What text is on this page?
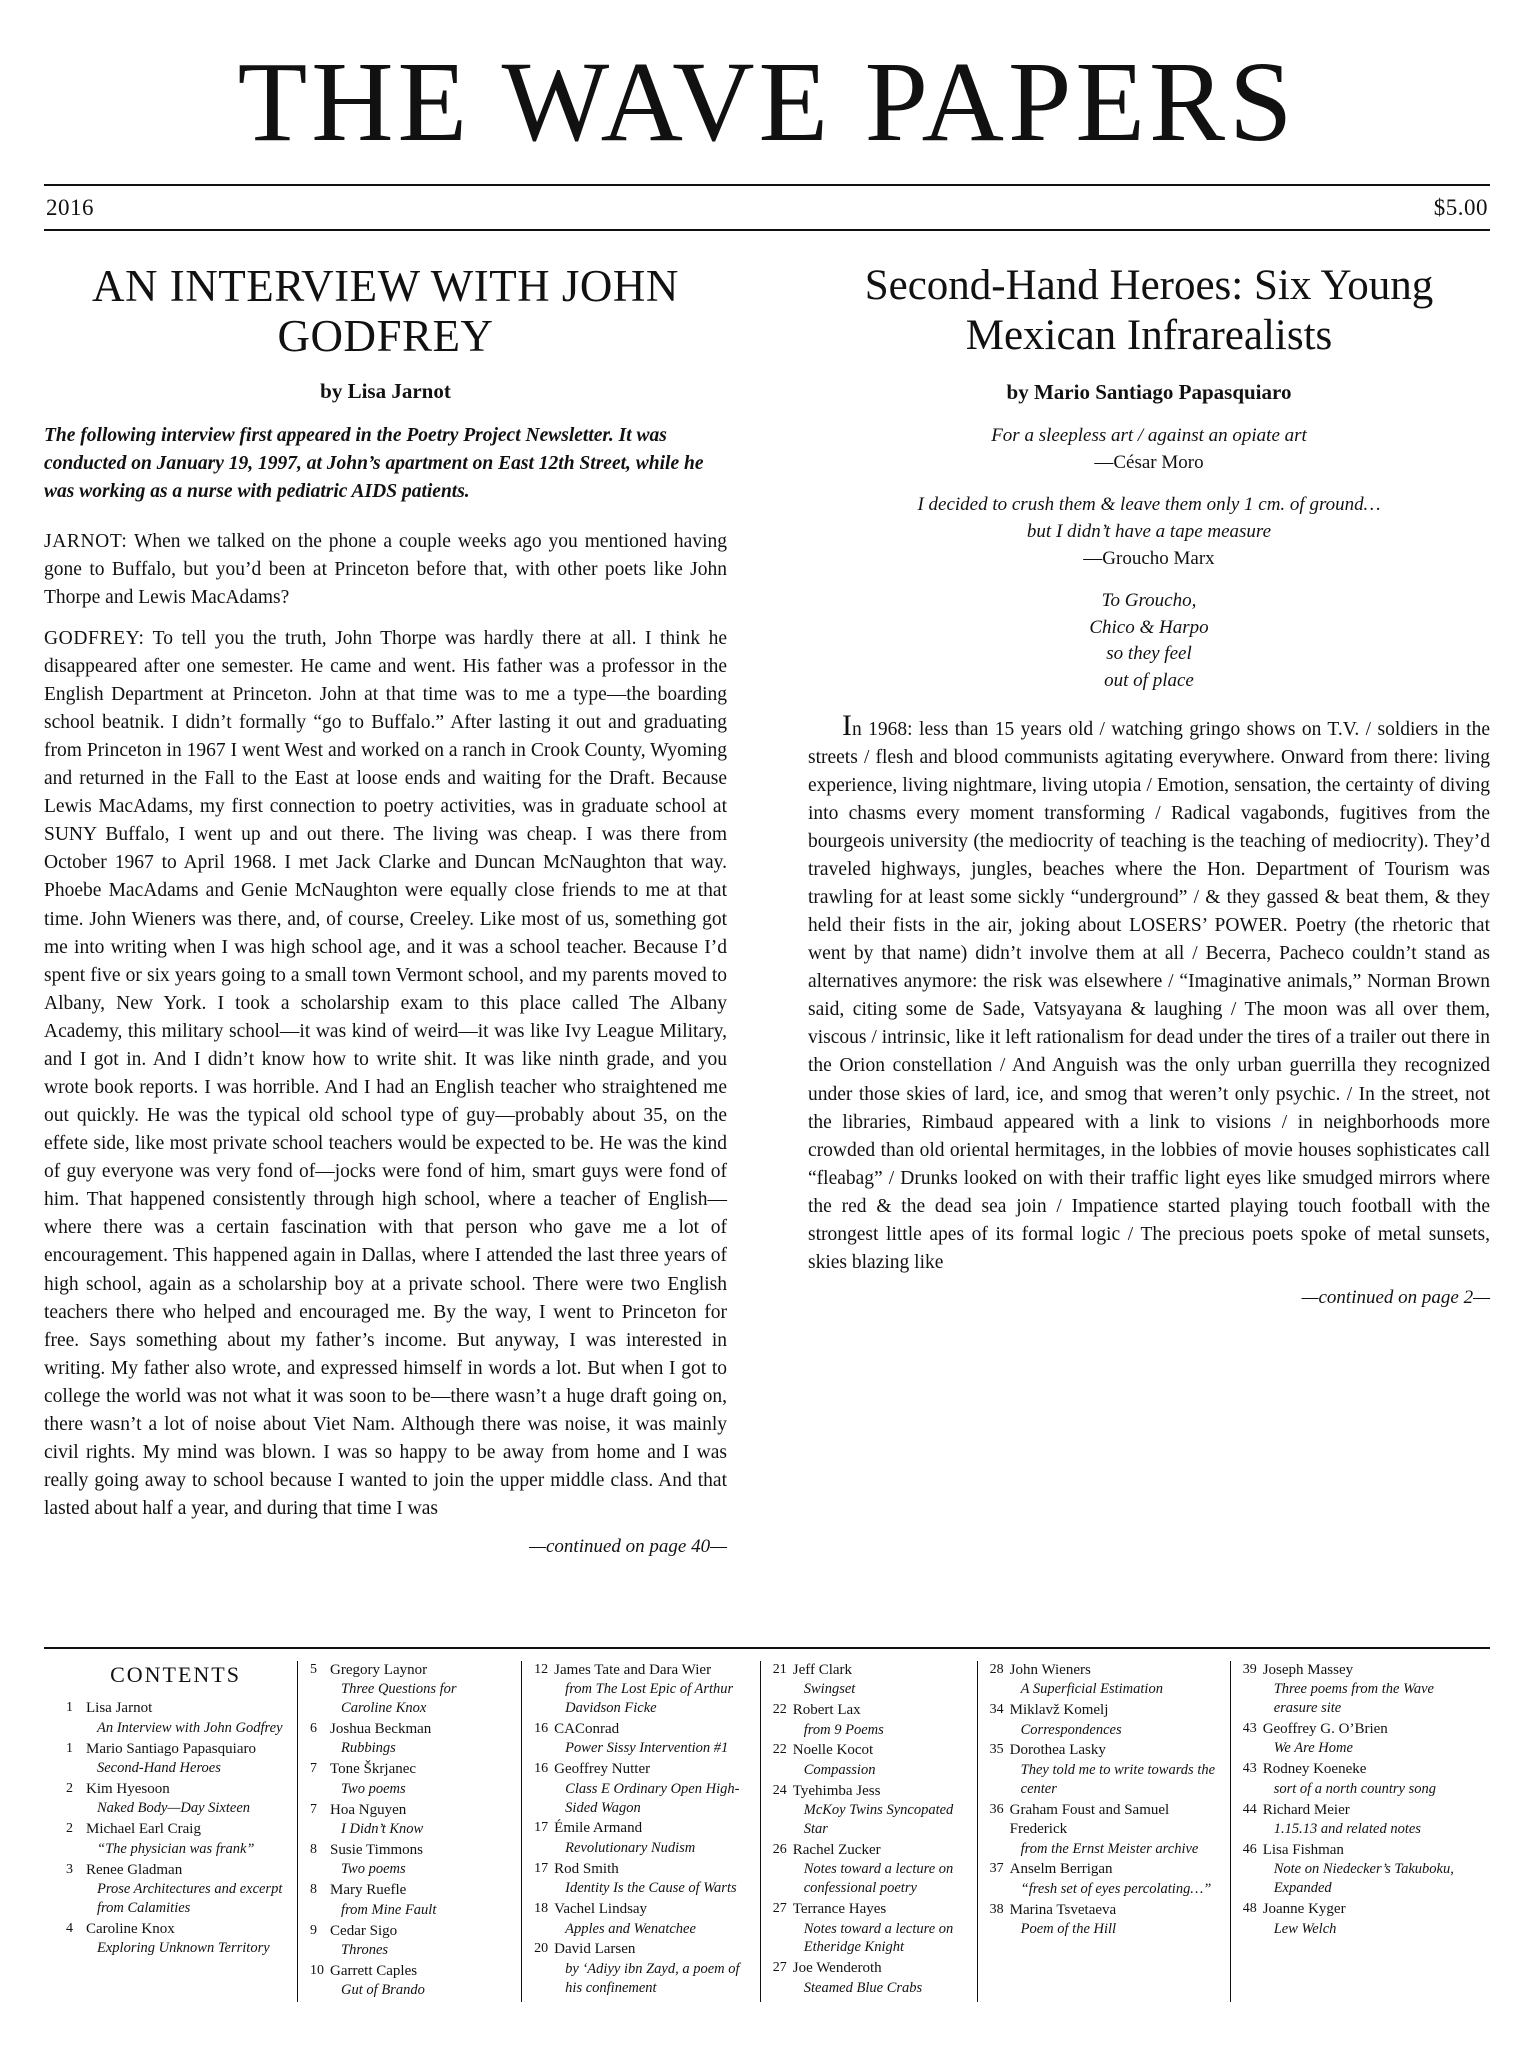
THE WAVE PAPERS
2016	$5.00
AN INTERVIEW WITH JOHN GODFREY
by Lisa Jarnot
The following interview first appeared in the Poetry Project Newsletter. It was conducted on January 19, 1997, at John’s apartment on East 12th Street, while he was working as a nurse with pediatric AIDS patients.

JARNOT: When we talked on the phone a couple weeks ago you mentioned having gone to Buffalo, but you’d been at Princeton before that, with other poets like John Thorpe and Lewis MacAdams?

GODFREY: To tell you the truth, John Thorpe was hardly there at all. I think he disappeared after one semester. He came and went. His father was a professor in the English Department at Princeton. John at that time was to me a type—the boarding school beatnik. I didn’t formally “go to Buffalo.” After lasting it out and graduating from Princeton in 1967 I went West and worked on a ranch in Crook County, Wyoming and returned in the Fall to the East at loose ends and waiting for the Draft. Because Lewis MacAdams, my first connection to poetry activities, was in graduate school at SUNY Buffalo, I went up and out there. The living was cheap. I was there from October 1967 to April 1968. I met Jack Clarke and Duncan McNaughton that way. Phoebe MacAdams and Genie McNaughton were equally close friends to me at that time. John Wieners was there, and, of course, Creeley. Like most of us, something got me into writing when I was high school age, and it was a school teacher. Because I’d spent five or six years going to a small town Vermont school, and my parents moved to Albany, New York. I took a scholarship exam to this place called The Albany Academy, this military school—it was kind of weird—it was like Ivy League Military, and I got in. And I didn’t know how to write shit. It was like ninth grade, and you wrote book reports. I was horrible. And I had an English teacher who straightened me out quickly. He was the typical old school type of guy—probably about 35, on the effete side, like most private school teachers would be expected to be. He was the kind of guy everyone was very fond of—jocks were fond of him, smart guys were fond of him. That happened consistently through high school, where a teacher of English—where there was a certain fascination with that person who gave me a lot of encouragement. This happened again in Dallas, where I attended the last three years of high school, again as a scholarship boy at a private school. There were two English teachers there who helped and encouraged me. By the way, I went to Princeton for free. Says something about my father’s income. But anyway, I was interested in writing. My father also wrote, and expressed himself in words a lot. But when I got to college the world was not what it was soon to be—there wasn’t a huge draft going on, there wasn’t a lot of noise about Viet Nam. Although there was noise, it was mainly civil rights. My mind was blown. I was so happy to be away from home and I was really going away to school because I wanted to join the upper middle class. And that lasted about half a year, and during that time I was

—continued on page 40—
Second-Hand Heroes: Six Young Mexican Infrarealists
by Mario Santiago Papasquiaro
For a sleepless art / against an opiate art
—César Moro
I decided to crush them & leave them only 1 cm. of ground…
but I didn’t have a tape measure
—Groucho Marx
To Groucho,
Chico & Harpo
so they feel
out of place

In 1968: less than 15 years old / watching gringo shows on T.V. / soldiers in the streets / flesh and blood communists agitating everywhere. Onward from there: living experience, living nightmare, living utopia / Emotion, sensation, the certainty of diving into chasms every moment transforming / Radical vagabonds, fugitives from the bourgeois university (the mediocrity of teaching is the teaching of mediocrity). They’d traveled highways, jungles, beaches where the Hon. Department of Tourism was trawling for at least some sickly “underground” / & they gassed & beat them, & they held their fists in the air, joking about LOSERS’ POWER. Poetry (the rhetoric that went by that name) didn’t involve them at all / Becerra, Pacheco couldn’t stand as alternatives anymore: the risk was elsewhere / “Imaginative animals,” Norman Brown said, citing some de Sade, Vatsyayana & laughing / The moon was all over them, viscous / intrinsic, like it left rationalism for dead under the tires of a trailer out there in the Orion constellation / And Anguish was the only urban guerrilla they recognized under those skies of lard, ice, and smog that weren’t only psychic. / In the street, not the libraries, Rimbaud appeared with a link to visions / in neighborhoods more crowded than old oriental hermitages, in the lobbies of movie houses sophisticates call “fleabag” / Drunks looked on with their traffic light eyes like smudged mirrors where the red & the dead sea join / Impatience started playing touch football with the strongest little apes of its formal logic / The precious poets spoke of metal sunsets, skies blazing like

—continued on page 2—
CONTENTS
1 Lisa Jarnot
An Interview with John Godfrey
1 Mario Santiago Papasquiaro
Second-Hand Heroes
2 Kim Hyesoon
Naked Body—Day Sixteen
2 Michael Earl Craig
“The physician was frank”
3 Renee Gladman
Prose Architectures and excerpt from Calamities
4 Caroline Knox
Exploring Unknown Territory
5 Gregory Laynor
Three Questions for Caroline Knox
6 Joshua Beckman
Rubbings
7 Tone Škrjanec
Two poems
7 Hoa Nguyen
I Didn’t Know
8 Susie Timmons
Two poems
8 Mary Ruefle
from Mine Fault
9 Cedar Sigo
Thrones
10 Garrett Caples
Gut of Brando
12 James Tate and Dara Wier
from The Lost Epic of Arthur Davidson Ficke
16 CAConrad
Power Sissy Intervention #1
16 Geoffrey Nutter
Class E Ordinary Open High-Sided Wagon
17 Émile Armand
Revolutionary Nudism
17 Rod Smith
Identity Is the Cause of Warts
18 Vachel Lindsay
Apples and Wenatchee
20 David Larsen
by ‘Adiyy ibn Zayd, a poem of his confinement
21 Jeff Clark
Swingset
22 Robert Lax
from 9 Poems
22 Noelle Kocot
Compassion
24 Tyehimba Jess
McKoy Twins Syncopated Star
26 Rachel Zucker
Notes toward a lecture on confessional poetry
27 Terrance Hayes
Notes toward a lecture on Etheridge Knight
27 Joe Wenderoth
Steamed Blue Crabs
28 John Wieners
A Superficial Estimation
34 Miklavž Komelj
Correspondences
35 Dorothea Lasky
They told me to write towards the center
36 Graham Foust and Samuel Frederick
from the Ernst Meister archive
37 Anselm Berrigan
“fresh set of eyes percolating…”
38 Marina Tsvetaeva
Poem of the Hill
39 Joseph Massey
Three poems from the Wave erasure site
43 Geoffrey G. O’Brien
We Are Home
43 Rodney Koeneke
sort of a north country song
44 Richard Meier
1.15.13 and related notes
46 Lisa Fishman
Note on Niedecker’s Takuboku, Expanded
48 Joanne Kyger
Lew Welch
